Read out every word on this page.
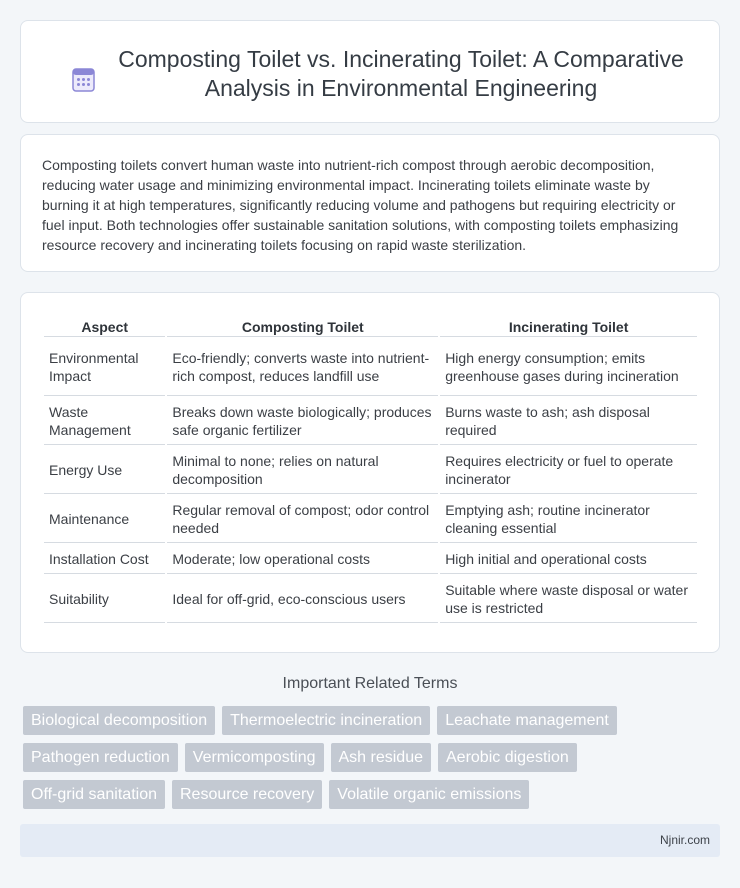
Composting Toilet vs. Incinerating Toilet: A Comparative Analysis in Environmental Engineering

Composting toilets convert human waste into nutrient-rich compost through aerobic decomposition, reducing water usage and minimizing environmental impact. Incinerating toilets eliminate waste by burning it at high temperatures, significantly reducing volume and pathogens but requiring electricity or fuel input. Both technologies offer sustainable sanitation solutions, with composting toilets emphasizing resource recovery and incinerating toilets focusing on rapid waste sterilization.

Aspect	Composting Toilet	Incinerating Toilet
Environmental Impact	Eco-friendly; converts waste into nutrient-rich compost, reduces landfill use	High energy consumption; emits greenhouse gases during incineration
Waste Management	Breaks down waste biologically; produces safe organic fertilizer	Burns waste to ash; ash disposal required
Energy Use	Minimal to none; relies on natural decomposition	Requires electricity or fuel to operate incinerator
Maintenance	Regular removal of compost; odor control needed	Emptying ash; routine incinerator cleaning essential
Installation Cost	Moderate; low operational costs	High initial and operational costs
Suitability	Ideal for off-grid, eco-conscious users	Suitable where waste disposal or water use is restricted
Important Related Terms
Biological decomposition	Thermoelectric incineration	Leachate management
Pathogen reduction	Vermicomposting	Ash residue	Aerobic digestion
Off-grid sanitation	Resource recovery	Volatile organic emissions
Njnir.com
